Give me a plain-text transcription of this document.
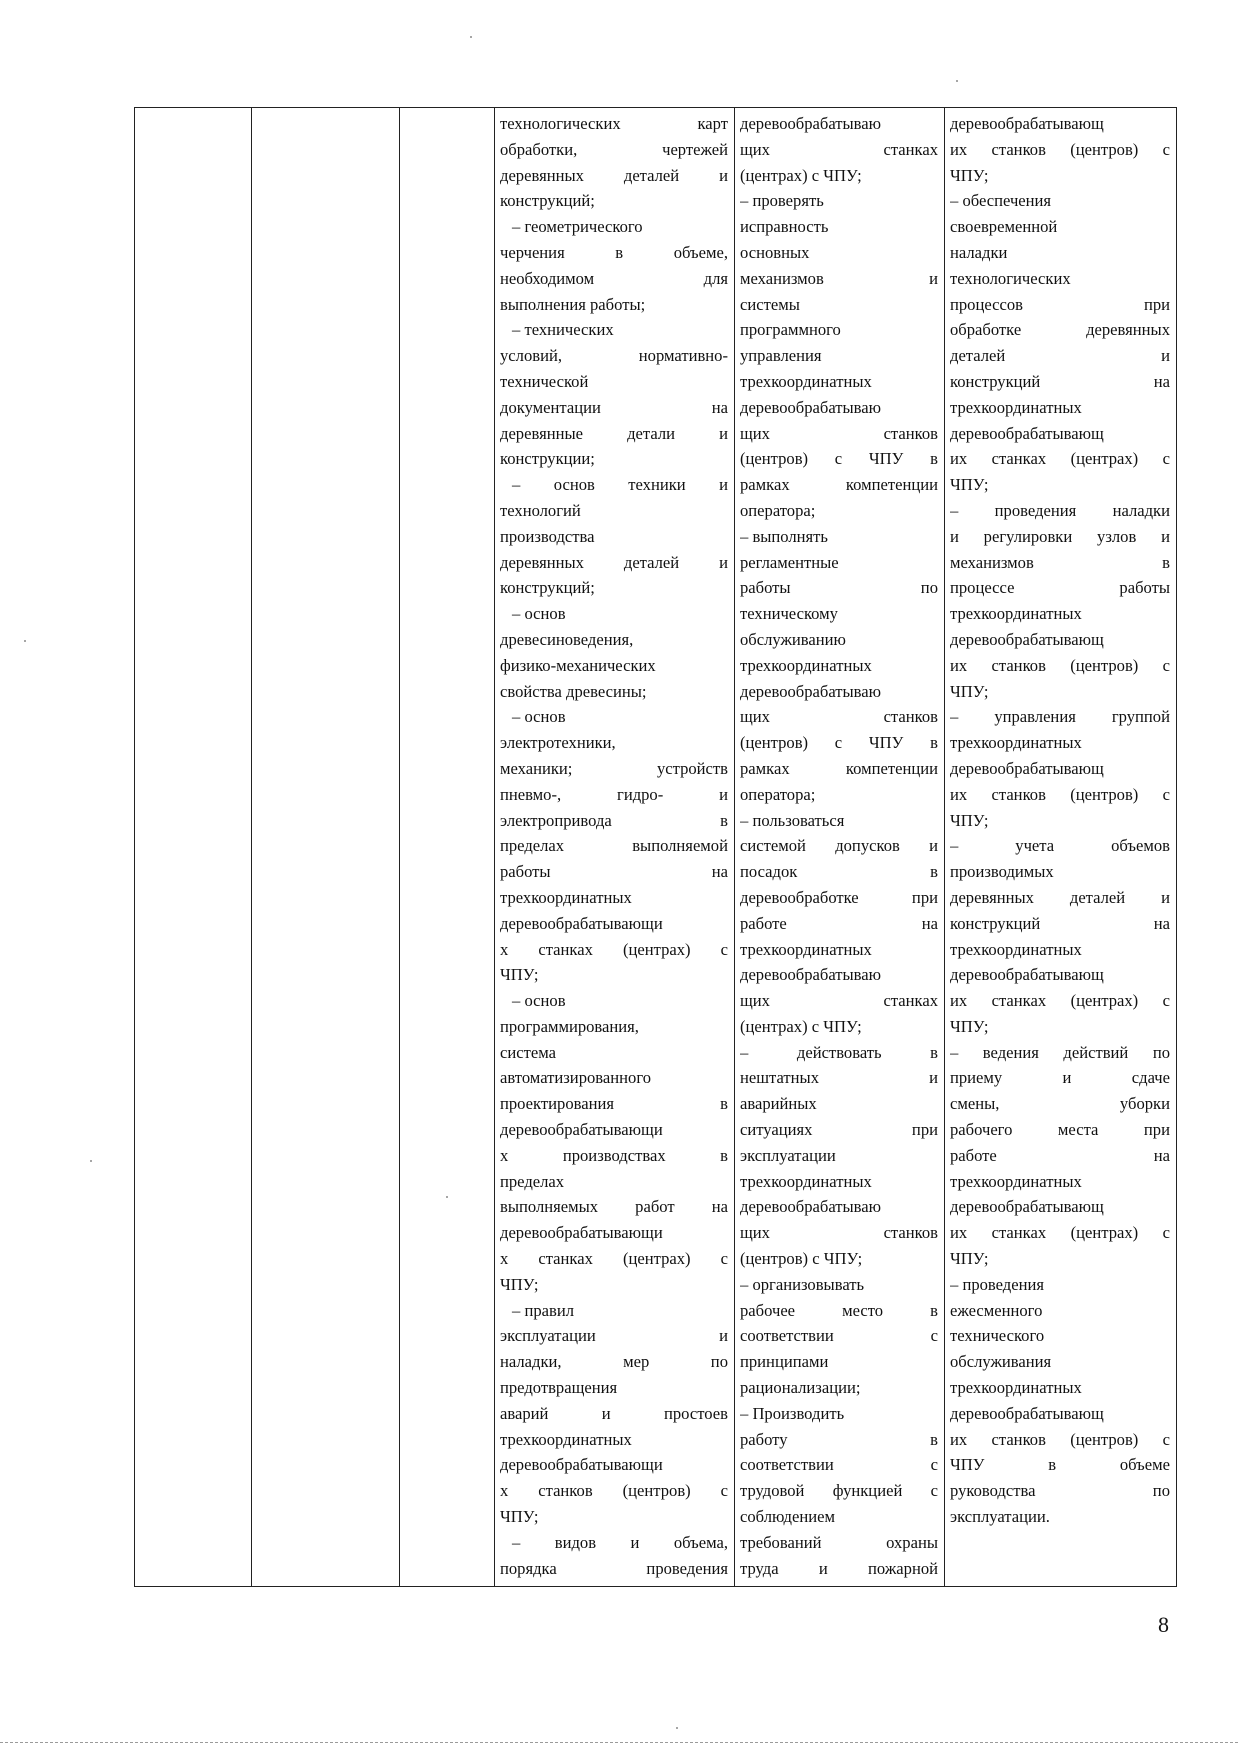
технологических карт
обработки, чертежей
деревянных деталей и
конструкций;
– геометрического
черчения в объеме,
необходимом для
выполнения работы;
– технических
условий, нормативно-
технической
документации на
деревянные детали и
конструкции;
– основ техники и
технологий
производства
деревянных деталей и
конструкций;
– основ
древесиноведения,
физико-механических
свойства древесины;
– основ
электротехники,
механики; устройств
пневмо-, гидро- и
электропривода в
пределах выполняемой
работы на
трехкоординатных
деревообрабатывающи
х станках (центрах) с
ЧПУ;
– основ
программирования,
система
автоматизированного
проектирования в
деревообрабатывающи
х производствах в
пределах
выполняемых работ на
деревообрабатывающи
х станках (центрах) с
ЧПУ;
– правил
эксплуатации и
наладки, мер по
предотвращения
аварий и простоев
трехкоординатных
деревообрабатывающи
х станков (центров) с
ЧПУ;
– видов и объема,
порядка проведения

деревообрабатываю
щих станках
(центрах) с ЧПУ;
– проверять
исправность
основных
механизмов и
системы
программного
управления
трехкоординатных
деревообрабатываю
щих станков
(центров) с ЧПУ в
рамках компетенции
оператора;
– выполнять
регламентные
работы по
техническому
обслуживанию
трехкоординатных
деревообрабатываю
щих станков
(центров) с ЧПУ в
рамках компетенции
оператора;
– пользоваться
системой допусков и
посадок в
деревообработке при
работе на
трехкоординатных
деревообрабатываю
щих станках
(центрах) с ЧПУ;
– действовать в
нештатных и
аварийных
ситуациях при
эксплуатации
трехкоординатных
деревообрабатываю
щих станков
(центров) с ЧПУ;
– организовывать
рабочее место в
соответствии с
принципами
рационализации;
– Производить
работу в
соответствии с
трудовой функцией с
соблюдением
требований охраны
труда и пожарной

деревообрабатывающ
их станков (центров) с
ЧПУ;
– обеспечения
своевременной
наладки
технологических
процессов при
обработке деревянных
деталей и
конструкций на
трехкоординатных
деревообрабатывающ
их станках (центрах) с
ЧПУ;
– проведения наладки
и регулировки узлов и
механизмов в
процессе работы
трехкоординатных
деревообрабатывающ
их станков (центров) с
ЧПУ;
– управления группой
трехкоординатных
деревообрабатывающ
их станков (центров) с
ЧПУ;
– учета объемов
производимых
деревянных деталей и
конструкций на
трехкоординатных
деревообрабатывающ
их станках (центрах) с
ЧПУ;
– ведения действий по
приему и сдаче
смены, уборки
рабочего места при
работе на
трехкоординатных
деревообрабатывающ
их станках (центрах) с
ЧПУ;
– проведения
ежесменного
технического
обслуживания
трехкоординатных
деревообрабатывающ
их станков (центров) с
ЧПУ в объеме
руководства по
эксплуатации.
8
